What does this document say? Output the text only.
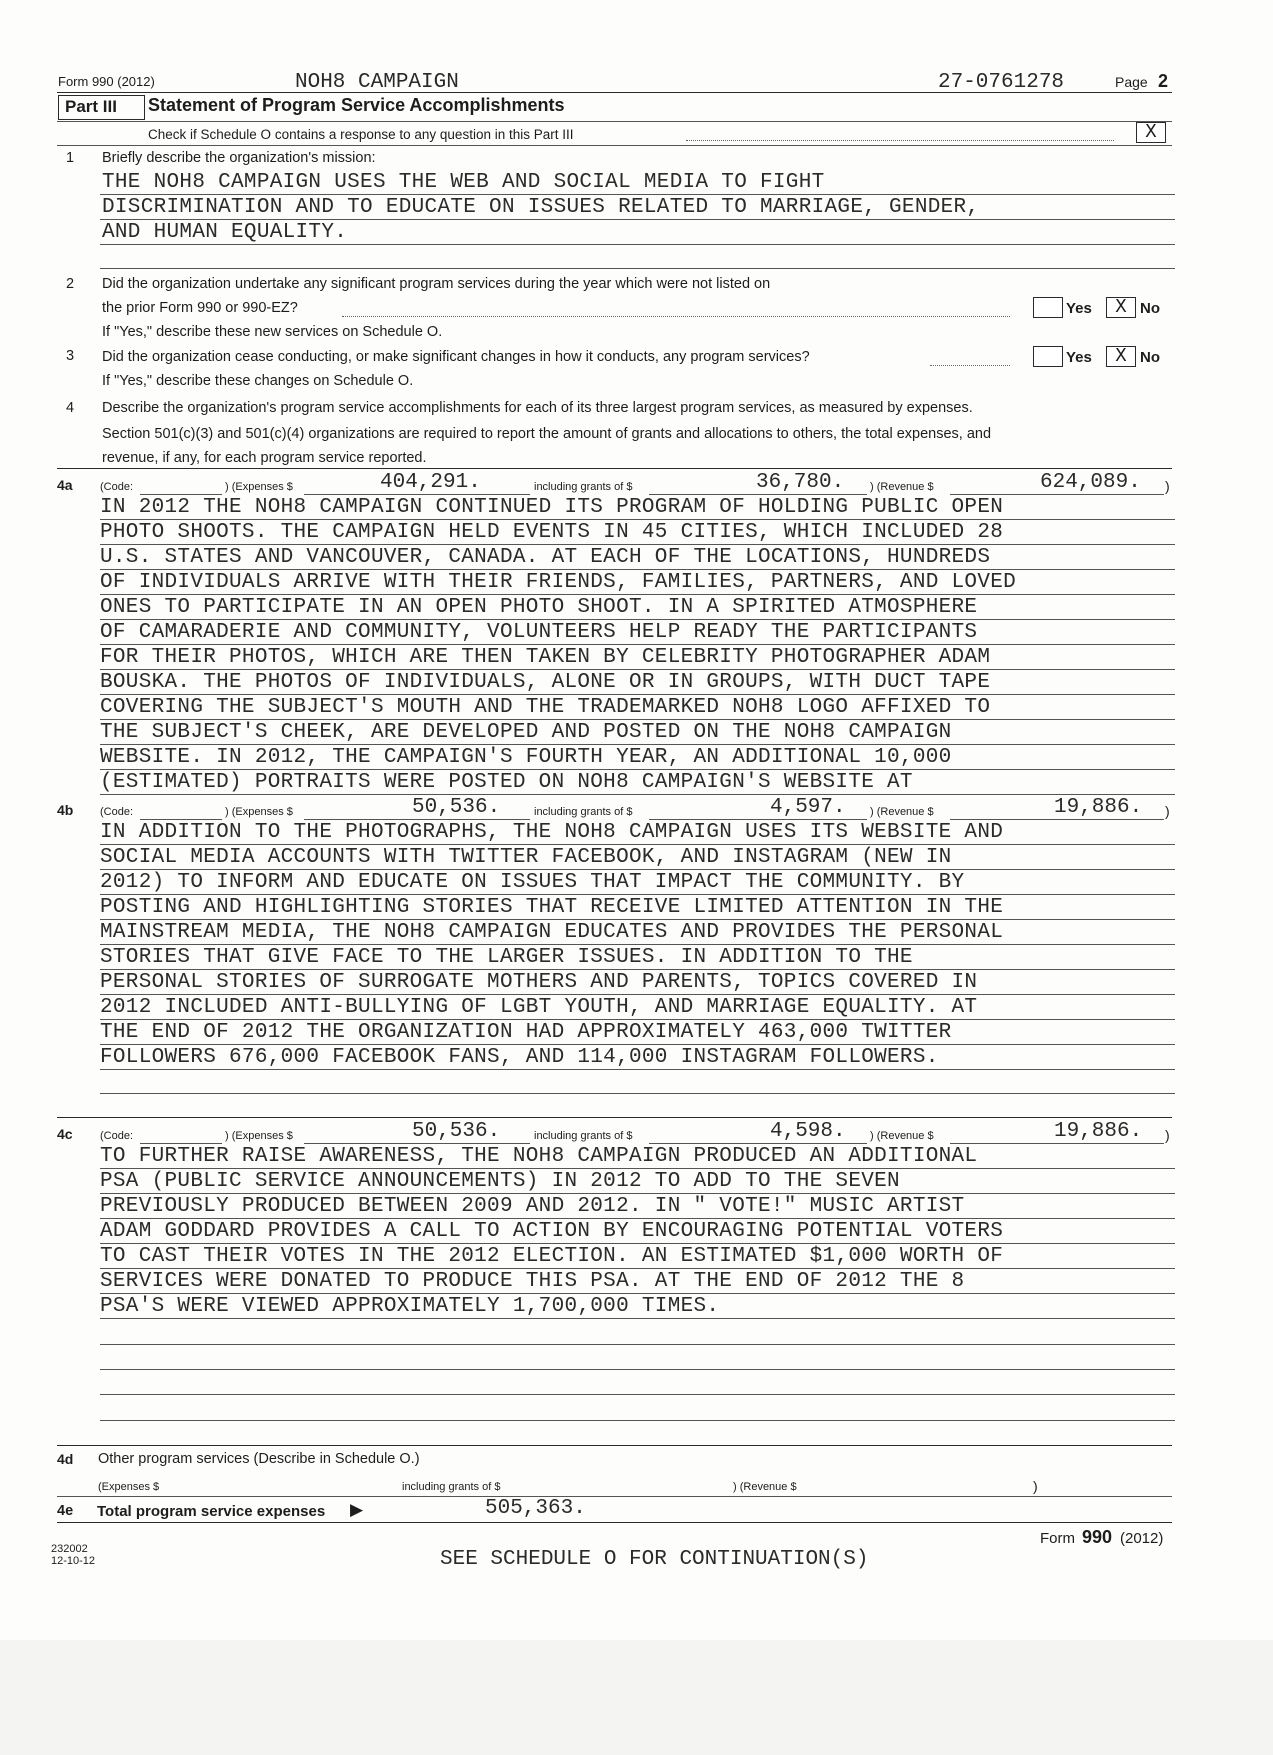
Form 990 (2012)	NOH8 CAMPAIGN	27-0761278	Page 2
Part III Statement of Program Service Accomplishments
Check if Schedule O contains a response to any question in this Part III	X
1 Briefly describe the organization's mission:
THE NOH8 CAMPAIGN USES THE WEB AND SOCIAL MEDIA TO FIGHT
DISCRIMINATION AND TO EDUCATE ON ISSUES RELATED TO MARRIAGE, GENDER,
AND HUMAN EQUALITY.
2 Did the organization undertake any significant program services during the year which were not listed on
the prior Form 990 or 990-EZ?	Yes	X No
If "Yes," describe these new services on Schedule O.
3 Did the organization cease conducting, or make significant changes in how it conducts, any program services?	Yes	X No
If "Yes," describe these changes on Schedule O.
4 Describe the organization's program service accomplishments for each of its three largest program services, as measured by expenses.
Section 501(c)(3) and 501(c)(4) organizations are required to report the amount of grants and allocations to others, the total expenses, and
revenue, if any, for each program service reported.
4a (Code:	) (Expenses $	404,291.	including grants of $	36,780. ) (Revenue $	624,089. )
IN 2012 THE NOH8 CAMPAIGN CONTINUED ITS PROGRAM OF HOLDING PUBLIC OPEN
PHOTO SHOOTS. THE CAMPAIGN HELD EVENTS IN 45 CITIES, WHICH INCLUDED 28
U.S. STATES AND VANCOUVER, CANADA. AT EACH OF THE LOCATIONS, HUNDREDS
OF INDIVIDUALS ARRIVE WITH THEIR FRIENDS, FAMILIES, PARTNERS, AND LOVED
ONES TO PARTICIPATE IN AN OPEN PHOTO SHOOT. IN A SPIRITED ATMOSPHERE
OF CAMARADERIE AND COMMUNITY, VOLUNTEERS HELP READY THE PARTICIPANTS
FOR THEIR PHOTOS, WHICH ARE THEN TAKEN BY CELEBRITY PHOTOGRAPHER ADAM
BOUSKA. THE PHOTOS OF INDIVIDUALS, ALONE OR IN GROUPS, WITH DUCT TAPE
COVERING THE SUBJECT'S MOUTH AND THE TRADEMARKED NOH8 LOGO AFFIXED TO
THE SUBJECT'S CHEEK, ARE DEVELOPED AND POSTED ON THE NOH8 CAMPAIGN
WEBSITE. IN 2012, THE CAMPAIGN'S FOURTH YEAR, AN ADDITIONAL 10,000
(ESTIMATED) PORTRAITS WERE POSTED ON NOH8 CAMPAIGN'S WEBSITE AT
4b (Code:	) (Expenses $	50,536.	including grants of $	4,597. ) (Revenue $	19,886. )
IN ADDITION TO THE PHOTOGRAPHS, THE NOH8 CAMPAIGN USES ITS WEBSITE AND
SOCIAL MEDIA ACCOUNTS WITH TWITTER FACEBOOK, AND INSTAGRAM (NEW IN
2012) TO INFORM AND EDUCATE ON ISSUES THAT IMPACT THE COMMUNITY. BY
POSTING AND HIGHLIGHTING STORIES THAT RECEIVE LIMITED ATTENTION IN THE
MAINSTREAM MEDIA, THE NOH8 CAMPAIGN EDUCATES AND PROVIDES THE PERSONAL
STORIES THAT GIVE FACE TO THE LARGER ISSUES. IN ADDITION TO THE
PERSONAL STORIES OF SURROGATE MOTHERS AND PARENTS, TOPICS COVERED IN
2012 INCLUDED ANTI-BULLYING OF LGBT YOUTH, AND MARRIAGE EQUALITY. AT
THE END OF 2012 THE ORGANIZATION HAD APPROXIMATELY 463,000 TWITTER
FOLLOWERS 676,000 FACEBOOK FANS, AND 114,000 INSTAGRAM FOLLOWERS.
4c (Code:	) (Expenses $	50,536.	including grants of $	4,598. ) (Revenue $	19,886. )
TO FURTHER RAISE AWARENESS, THE NOH8 CAMPAIGN PRODUCED AN ADDITIONAL
PSA (PUBLIC SERVICE ANNOUNCEMENTS) IN 2012 TO ADD TO THE SEVEN
PREVIOUSLY PRODUCED BETWEEN 2009 AND 2012. IN " VOTE!" MUSIC ARTIST
ADAM GODDARD PROVIDES A CALL TO ACTION BY ENCOURAGING POTENTIAL VOTERS
TO CAST THEIR VOTES IN THE 2012 ELECTION. AN ESTIMATED $1,000 WORTH OF
SERVICES WERE DONATED TO PRODUCE THIS PSA. AT THE END OF 2012 THE 8
PSA'S WERE VIEWED APPROXIMATELY 1,700,000 TIMES.
4d Other program services (Describe in Schedule O.)
(Expenses $	including grants of $	) (Revenue $	)
4e Total program service expenses ▶	505,363.
Form 990 (2012)
232002
12-10-12	SEE SCHEDULE O FOR CONTINUATION(S)
